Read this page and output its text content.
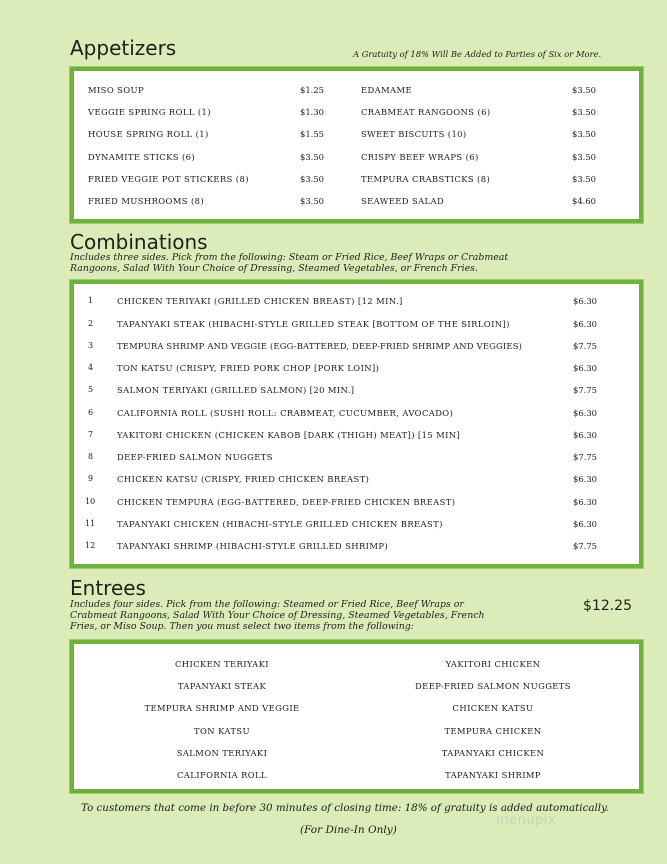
Appetizers	A Gratuity of 18% Will Be Added to Parties of Six or More.
MISO SOUP	$1.25
VEGGIE SPRING ROLL (1)	$1.30
HOUSE SPRING ROLL (1)	$1.55
DYNAMITE STICKS (6)	$3.50
FRIED VEGGIE POT STICKERS (8)	$3.50
FRIED MUSHROOMS (8)	$3.50
EDAMAME	$3.50
CRABMEAT RANGOONS (6)	$3.50
SWEET BISCUITS (10)	$3.50
CRISPY BEEF WRAPS (6)	$3.50
TEMPURA CRABSTICKS (8)	$3.50
SEAWEED SALAD	$4.60
Combinations
Includes three sides. Pick from the following: Steam or Fried Rice, Beef Wraps or Crabmeat
Rangoons, Salad With Your Choice of Dressing, Steamed Vegetables, or French Fries.
1	CHICKEN TERIYAKI (GRILLED CHICKEN BREAST) [12 MIN.]	$6.30
2	TAPANYAKI STEAK (HIBACHI-STYLE GRILLED STEAK [BOTTOM OF THE SIRLOIN])	$6.30
3	TEMPURA SHRIMP AND VEGGIE (EGG-BATTERED, DEEP-FRIED SHRIMP AND VEGGIES)	$7.75
4	TON KATSU (CRISPY, FRIED PORK CHOP [PORK LOIN])	$6.30
5	SALMON TERIYAKI (GRILLED SALMON) [20 MIN.]	$7.75
6	CALIFORNIA ROLL (SUSHI ROLL: CRABMEAT, CUCUMBER, AVOCADO)	$6.30
7	YAKITORI CHICKEN (CHICKEN KABOB [DARK (THIGH) MEAT]) [15 MIN]	$6.30
8	DEEP-FRIED SALMON NUGGETS	$7.75
9	CHICKEN KATSU (CRISPY, FRIED CHICKEN BREAST)	$6.30
10	CHICKEN TEMPURA (EGG-BATTERED, DEEP-FRIED CHICKEN BREAST)	$6.30
11	TAPANYAKI CHICKEN (HIBACHI-STYLE GRILLED CHICKEN BREAST)	$6.30
12	TAPANYAKI SHRIMP (HIBACHI-STYLE GRILLED SHRIMP)	$7.75
Entrees
$12.25
Includes four sides. Pick from the following: Steamed or Fried Rice, Beef Wraps or
Crabmeat Rangoons, Salad With Your Choice of Dressing, Steamed Vegetables, French
Fries, or Miso Soup. Then you must select two items from the following:
CHICKEN TERIYAKI
TAPANYAKI STEAK
TEMPURA SHRIMP AND VEGGIE
TON KATSU
SALMON TERIYAKI
CALIFORNIA ROLL
YAKITORI CHICKEN
DEEP-FRIED SALMON NUGGETS
CHICKEN KATSU
TEMPURA CHICKEN
TAPANYAKI CHICKEN
TAPANYAKI SHRIMP
To customers that come in before 30 minutes of closing time: 18% of gratuity is added automatically.
(For Dine-In Only)
menupix
